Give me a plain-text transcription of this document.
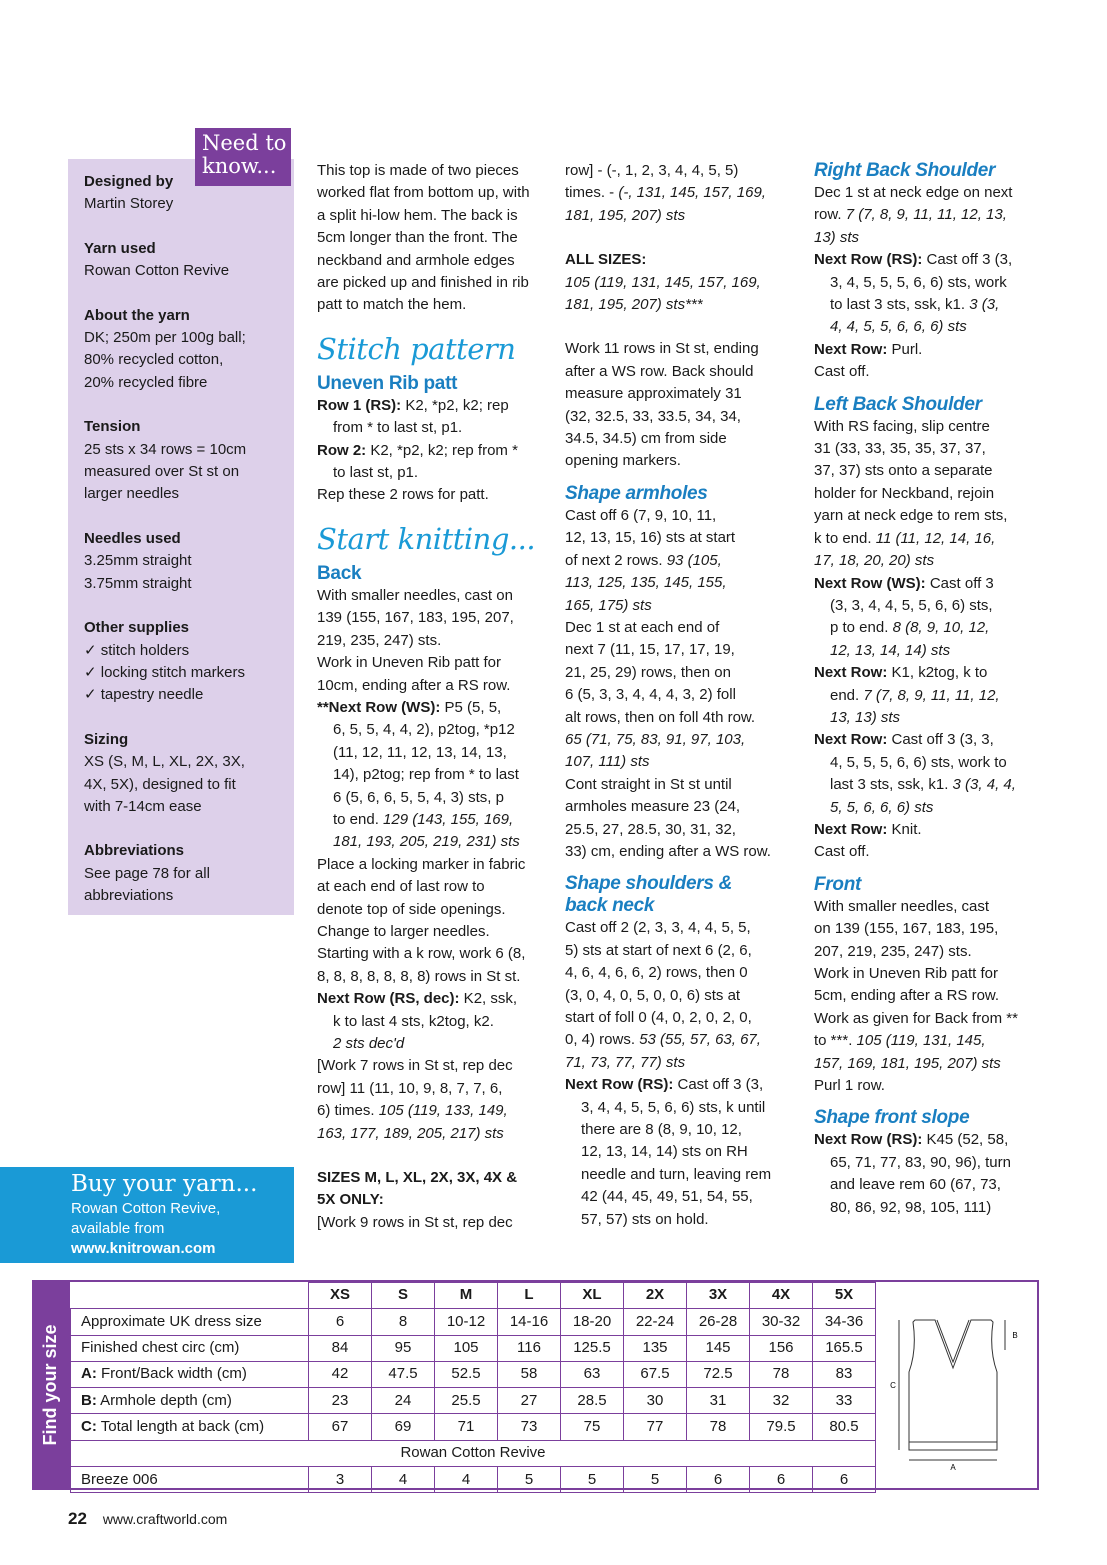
Designed by
Martin Storey
Yarn used
Rowan Cotton Revive
About the yarn
DK; 250m per 100g ball;
80% recycled cotton,
20% recycled fibre
Tension
25 sts x 34 rows = 10cm
measured over St st on
larger needles
Needles used
3.25mm straight
3.75mm straight
Other supplies
✓ stitch holders
✓ locking stitch markers
✓ tapestry needle
Sizing
XS (S, M, L, XL, 2X, 3X,
4X, 5X), designed to fit
with 7-14cm ease
Abbreviations
See page 78 for all
abbreviations
Need to
know...
Buy your yarn...
Rowan Cotton Revive,
available from
www.knitrowan.com
This top is made of two pieces
worked flat from bottom up, with
a split hi-low hem. The back is
5cm longer than the front. The
neckband and armhole edges
are picked up and finished in rib
patt to match the hem.
Stitch pattern
Uneven Rib patt
Row 1 (RS): K2, *p2, k2; rep
from * to last st, p1.
Row 2: K2, *p2, k2; rep from *
to last st, p1.
Rep these 2 rows for patt.
Start knitting...
Back
With smaller needles, cast on
139 (155, 167, 183, 195, 207,
219, 235, 247) sts.
Work in Uneven Rib patt for
10cm, ending after a RS row.
**Next Row (WS): P5 (5, 5,
6, 5, 5, 4, 4, 2), p2tog, *p12
(11, 12, 11, 12, 13, 14, 13,
14), p2tog; rep from * to last
6 (5, 6, 6, 5, 5, 4, 3) sts, p
to end. 129 (143, 155, 169,
181, 193, 205, 219, 231) sts
Place a locking marker in fabric
at each end of last row to
denote top of side openings.
Change to larger needles.
Starting with a k row, work 6 (8,
8, 8, 8, 8, 8, 8, 8) rows in St st.
Next Row (RS, dec): K2, ssk,
k to last 4 sts, k2tog, k2.
2 sts dec'd
[Work 7 rows in St st, rep dec
row] 11 (11, 10, 9, 8, 7, 7, 6,
6) times. 105 (119, 133, 149,
163, 177, 189, 205, 217) sts
SIZES M, L, XL, 2X, 3X, 4X &
5X ONLY:
[Work 9 rows in St st, rep dec
row] - (-, 1, 2, 3, 4, 4, 5, 5)
times. - (-, 131, 145, 157, 169,
181, 195, 207) sts
ALL SIZES:
105 (119, 131, 145, 157, 169,
181, 195, 207) sts***
Work 11 rows in St st, ending
after a WS row. Back should
measure approximately 31
(32, 32.5, 33, 33.5, 34, 34,
34.5, 34.5) cm from side
opening markers.
Shape armholes
Cast off 6 (7, 9, 10, 11,
12, 13, 15, 16) sts at start
of next 2 rows. 93 (105,
113, 125, 135, 145, 155,
165, 175) sts
Dec 1 st at each end of
next 7 (11, 15, 17, 17, 19,
21, 25, 29) rows, then on
6 (5, 3, 3, 4, 4, 4, 3, 2) foll
alt rows, then on foll 4th row.
65 (71, 75, 83, 91, 97, 103,
107, 111) sts
Cont straight in St st until
armholes measure 23 (24,
25.5, 27, 28.5, 30, 31, 32,
33) cm, ending after a WS row.
Shape shoulders &
back neck
Cast off 2 (2, 3, 3, 4, 4, 5, 5,
5) sts at start of next 6 (2, 6,
4, 6, 4, 6, 6, 2) rows, then 0
(3, 0, 4, 0, 5, 0, 0, 6) sts at
start of foll 0 (4, 0, 2, 0, 2, 0,
0, 4) rows. 53 (55, 57, 63, 67,
71, 73, 77, 77) sts
Next Row (RS): Cast off 3 (3,
3, 4, 4, 5, 5, 6, 6) sts, k until
there are 8 (8, 9, 10, 12,
12, 13, 14, 14) sts on RH
needle and turn, leaving rem
42 (44, 45, 49, 51, 54, 55,
57, 57) sts on hold.
Right Back Shoulder
Dec 1 st at neck edge on next
row. 7 (7, 8, 9, 11, 11, 12, 13,
13) sts
Next Row (RS): Cast off 3 (3,
3, 4, 5, 5, 5, 6, 6) sts, work
to last 3 sts, ssk, k1. 3 (3,
4, 4, 5, 5, 6, 6, 6) sts
Next Row: Purl.
Cast off.
Left Back Shoulder
With RS facing, slip centre
31 (33, 33, 35, 35, 37, 37,
37, 37) sts onto a separate
holder for Neckband, rejoin
yarn at neck edge to rem sts,
k to end. 11 (11, 12, 14, 16,
17, 18, 20, 20) sts
Next Row (WS): Cast off 3
(3, 3, 4, 4, 5, 5, 6, 6) sts,
p to end. 8 (8, 9, 10, 12,
12, 13, 14, 14) sts
Next Row: K1, k2tog, k to
end. 7 (7, 8, 9, 11, 11, 12,
13, 13) sts
Next Row: Cast off 3 (3, 3,
4, 5, 5, 5, 6, 6) sts, work to
last 3 sts, ssk, k1. 3 (3, 4, 4,
5, 5, 6, 6, 6) sts
Next Row: Knit.
Cast off.
Front
With smaller needles, cast
on 139 (155, 167, 183, 195,
207, 219, 235, 247) sts.
Work in Uneven Rib patt for
5cm, ending after a RS row.
Work as given for Back from **
to ***. 105 (119, 131, 145,
157, 169, 181, 195, 207) sts
Purl 1 row.
Shape front slope
Next Row (RS): K45 (52, 58,
65, 71, 77, 83, 90, 96), turn
and leave rem 60 (67, 73,
80, 86, 92, 98, 105, 111)
Find your size
	XS	S	M	L	XL	2X	3X	4X	5X
Approximate UK dress size	6	8	10-12	14-16	18-20	22-24	26-28	30-32	34-36
Finished chest circ (cm)	84	95	105	116	125.5	135	145	156	165.5
A: Front/Back width (cm)	42	47.5	52.5	58	63	67.5	72.5	78	83
B: Armhole depth (cm)	23	24	25.5	27	28.5	30	31	32	33
C: Total length at back (cm)	67	69	71	73	75	77	78	79.5	80.5
Rowan Cotton Revive									
Breeze 006	3	4	4	5	5	5	6	6	6
A
B
C
22 www.craftworld.com
